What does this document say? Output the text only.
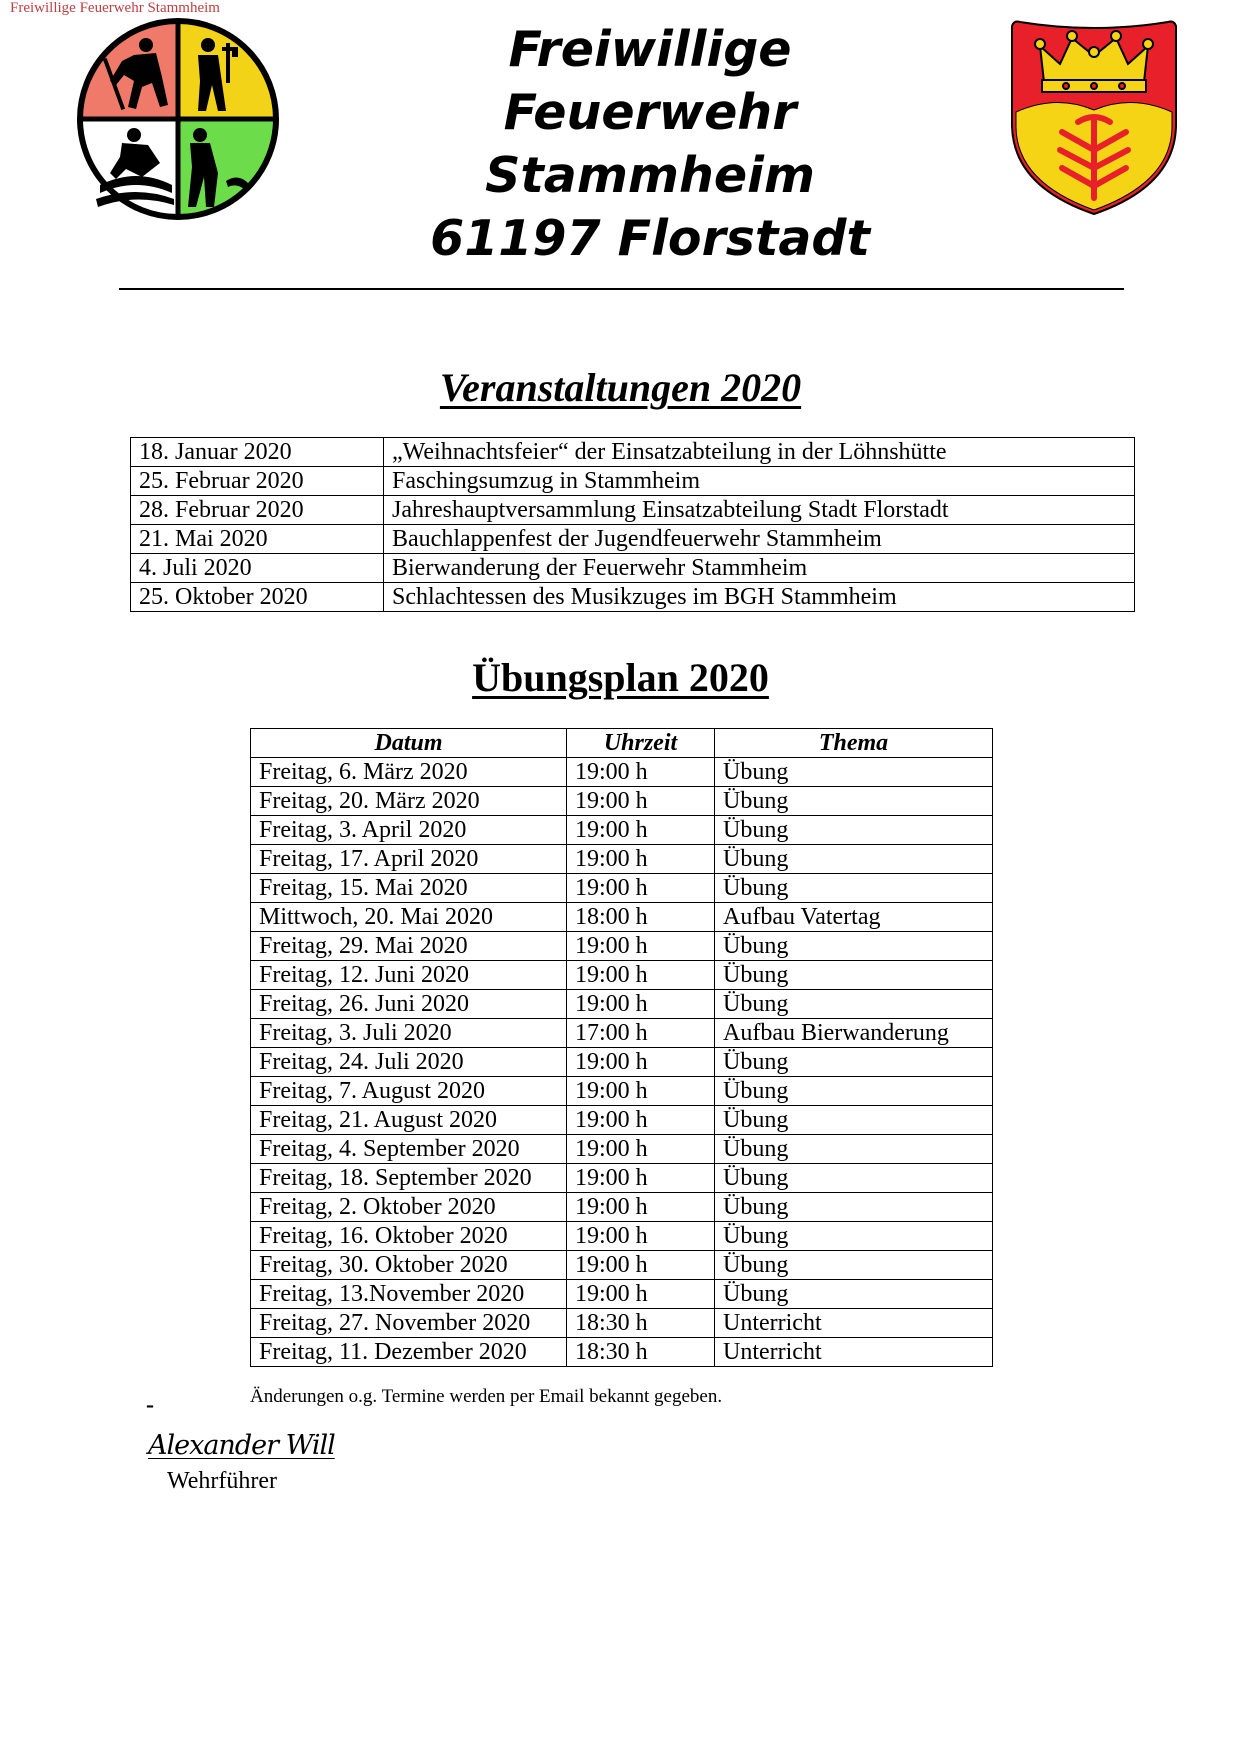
Freiwillige Feuerwehr Stammheim
Freiwillige
Feuerwehr
Stammheim
61197 Florstadt
Veranstaltungen 2020
18. Januar 2020	„Weihnachtsfeier“ der Einsatzabteilung in der Löhnshütte
25. Februar 2020	Faschingsumzug in Stammheim
28. Februar 2020	Jahreshauptversammlung Einsatzabteilung Stadt Florstadt
21. Mai 2020	Bauchlappenfest der Jugendfeuerwehr Stammheim
4. Juli 2020	Bierwanderung der Feuerwehr Stammheim
25. Oktober 2020	Schlachtessen des Musikzuges im BGH Stammheim
Übungsplan 2020
Datum	Uhrzeit	Thema
Freitag, 6. März 2020	19:00 h	Übung
Freitag, 20. März 2020	19:00 h	Übung
Freitag, 3. April 2020	19:00 h	Übung
Freitag, 17. April 2020	19:00 h	Übung
Freitag, 15. Mai 2020	19:00 h	Übung
Mittwoch, 20. Mai 2020	18:00 h	Aufbau Vatertag
Freitag, 29. Mai 2020	19:00 h	Übung
Freitag, 12. Juni 2020	19:00 h	Übung
Freitag, 26. Juni 2020	19:00 h	Übung
Freitag, 3. Juli 2020	17:00 h	Aufbau Bierwanderung
Freitag, 24. Juli 2020	19:00 h	Übung
Freitag, 7. August 2020	19:00 h	Übung
Freitag, 21. August 2020	19:00 h	Übung
Freitag, 4. September 2020	19:00 h	Übung
Freitag, 18. September 2020	19:00 h	Übung
Freitag, 2. Oktober 2020	19:00 h	Übung
Freitag, 16. Oktober 2020	19:00 h	Übung
Freitag, 30. Oktober 2020	19:00 h	Übung
Freitag, 13.November 2020	19:00 h	Übung
Freitag, 27. November 2020	18:30 h	Unterricht
Freitag, 11. Dezember 2020	18:30 h	Unterricht
-	Änderungen o.g. Termine werden per Email bekannt gegeben.
Alexander Will
Wehrführer
